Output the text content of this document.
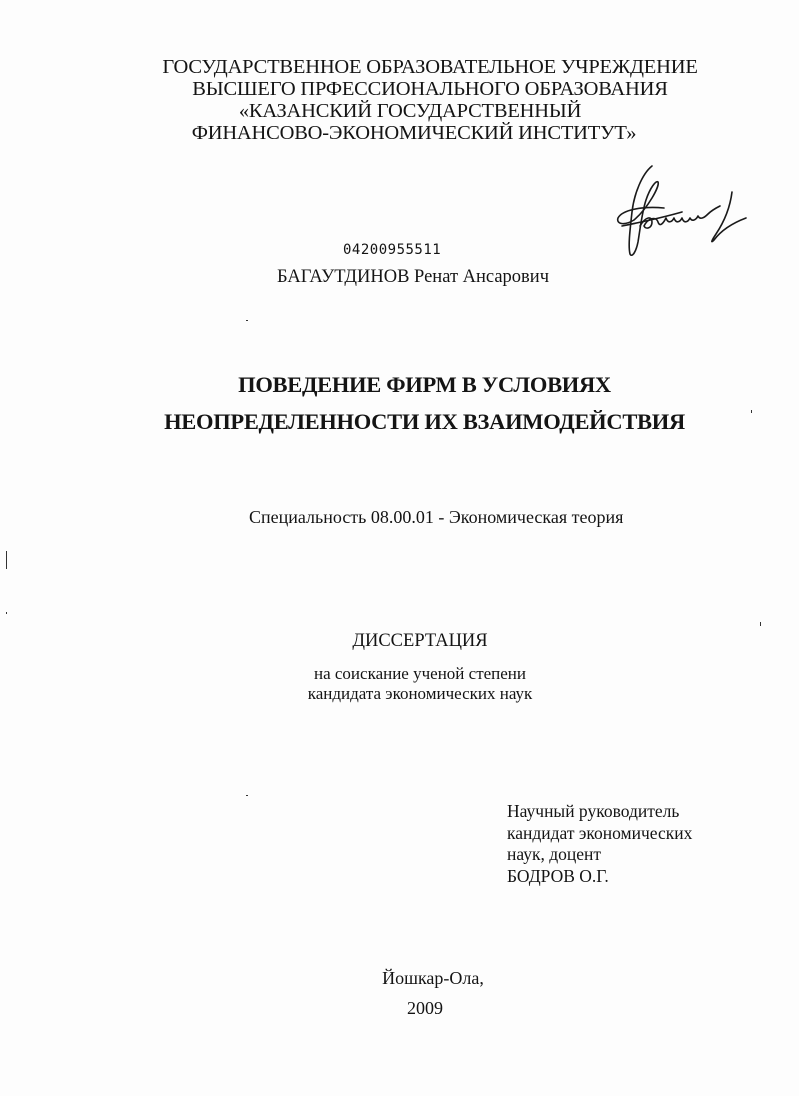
ГОСУДАРСТВЕННОЕ ОБРАЗОВАТЕЛЬНОЕ УЧРЕЖДЕНИЕ
ВЫСШЕГО ПРФЕССИОНАЛЬНОГО ОБРАЗОВАНИЯ
«КАЗАНСКИЙ ГОСУДАРСТВЕННЫЙ
ФИНАНСОВО-ЭКОНОМИЧЕСКИЙ ИНСТИТУТ»
04200955511
БАГАУТДИНОВ Ренат Ансарович
ПОВЕДЕНИЕ ФИРМ В УСЛОВИЯХ
НЕОПРЕДЕЛЕННОСТИ ИХ ВЗАИМОДЕЙСТВИЯ
Специальность 08.00.01 - Экономическая теория
ДИССЕРТАЦИЯ
на соискание ученой степени
кандидата экономических наук
Научный руководитель
кандидат экономических
наук, доцент
БОДРОВ О.Г.
Йошкар-Ола,
2009
